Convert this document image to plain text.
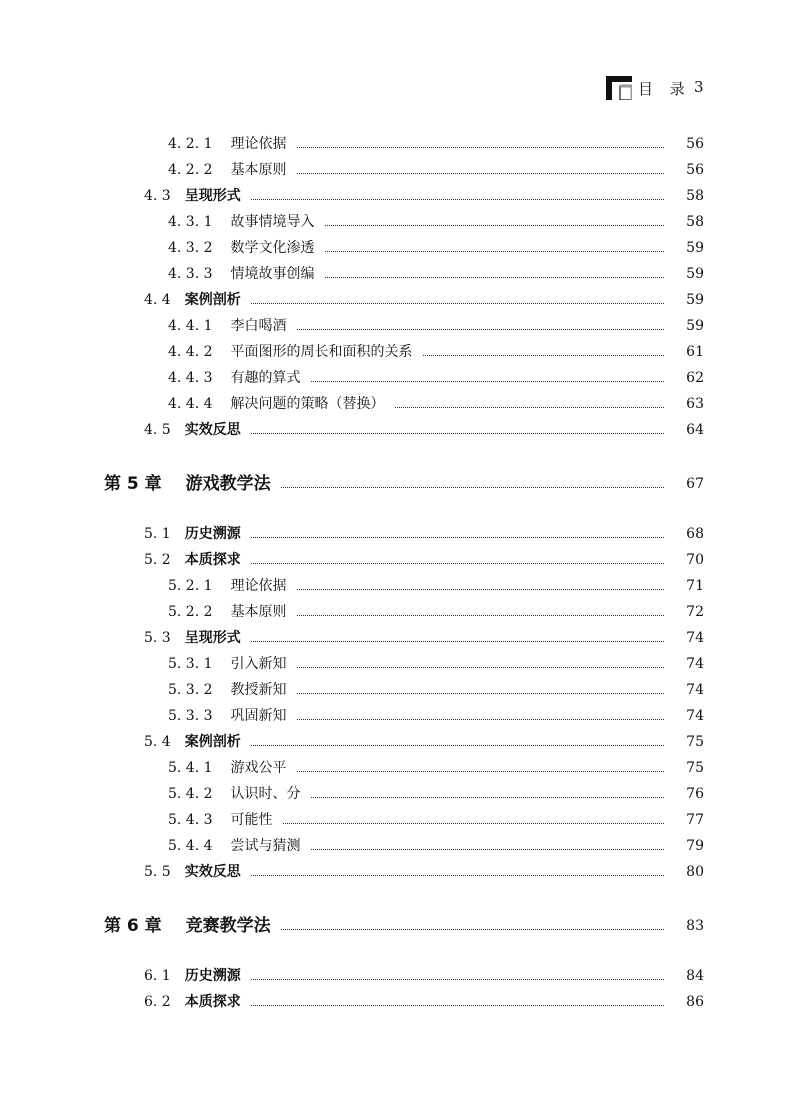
目 录 3
4. 2. 1 理论依据	56
4. 2. 2 基本原则	56
4. 3 呈现形式	58
4. 3. 1 故事情境导入	58
4. 3. 2 数学文化渗透	59
4. 3. 3 情境故事创编	59
4. 4 案例剖析	59
4. 4. 1 李白喝酒	59
4. 4. 2 平面图形的周长和面积的关系	61
4. 4. 3 有趣的算式	62
4. 4. 4 解决问题的策略（替换）	63
4. 5 实效反思	64
第 5 章 游戏教学法	67
5. 1 历史溯源	68
5. 2 本质探求	70
5. 2. 1 理论依据	71
5. 2. 2 基本原则	72
5. 3 呈现形式	74
5. 3. 1 引入新知	74
5. 3. 2 教授新知	74
5. 3. 3 巩固新知	74
5. 4 案例剖析	75
5. 4. 1 游戏公平	75
5. 4. 2 认识时、分	76
5. 4. 3 可能性	77
5. 4. 4 尝试与猜测	79
5. 5 实效反思	80
第 6 章 竞赛教学法	83
6. 1 历史溯源	84
6. 2 本质探求	86
